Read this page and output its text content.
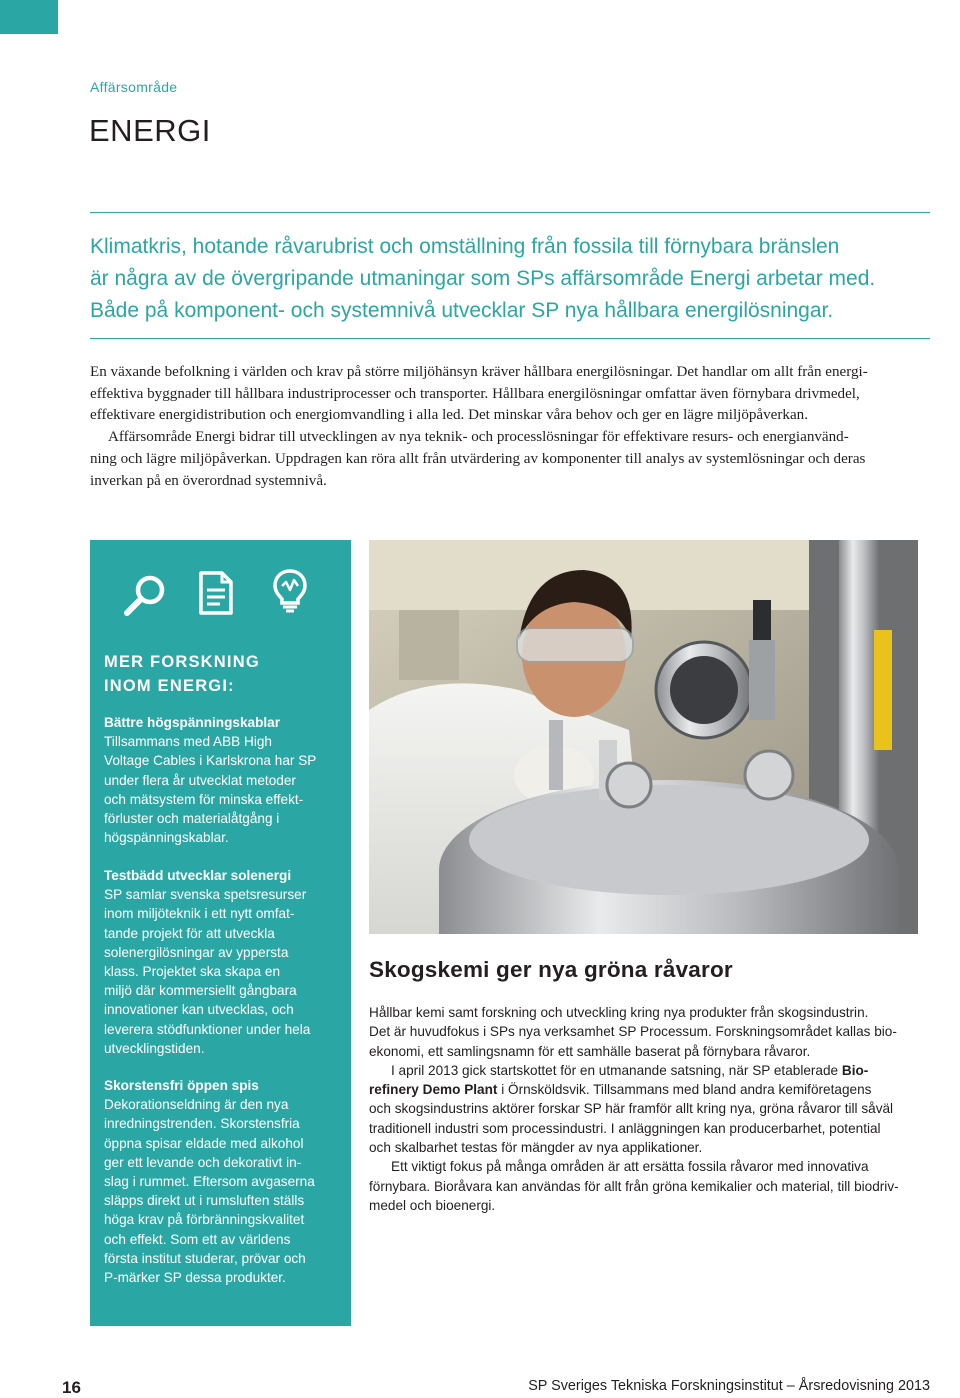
Affärsområde
ENERGI

Klimatkris, hotande råvarubrist och omställning från fossila till förnybara bränslen

är några av de övergripande utmaningar som SPs affärsområde Energi arbetar med.

Både på komponent- och systemnivå utvecklar SP nya hållbara energilösningar.

En växande befolkning i världen och krav på större miljöhänsyn kräver hållbara energilösningar. Det handlar om allt från energi-

effektiva byggnader till hållbara industriprocesser och transporter. Hållbara energilösningar omfattar även förnybara drivmedel,

effektivare energidistribution och energiomvandling i alla led. Det minskar våra behov och ger en lägre miljöpåverkan.

Affärsområde Energi bidrar till utvecklingen av nya teknik- och processlösningar för effektivare resurs- och energianvänd-

ning och lägre miljöpåverkan. Uppdragen kan röra allt från utvärdering av komponenter till analys av systemlösningar och deras

inverkan på en överordnad systemnivå.

MER FORSKNING
INOM ENERGI:
Bättre högspänningskablar
Tillsammans med ABB High
Voltage Cables i Karlskrona har SP
under flera år utvecklat metoder
och mätsystem för minska effekt-
förluster och materialåtgång i
högspänningskablar.
Testbädd utvecklar solenergi
SP samlar svenska spetsresurser
inom miljöteknik i ett nytt omfat-
tande projekt för att utveckla
solenergilösningar av yppersta
klass. Projektet ska skapa en
miljö där kommersiellt gångbara
innovationer kan utvecklas, och
leverera stödfunktioner under hela
utvecklingstiden.
Skorstensfri öppen spis
Dekorationseldning är den nya
inredningstrenden. Skorstensfria
öppna spisar eldade med alkohol
ger ett levande och dekorativt in-
slag i rummet. Eftersom avgaserna
släpps direkt ut i rumsluften ställs
höga krav på förbränningskvalitet
och effekt. Som ett av världens
första institut studerar, prövar och
P-märker SP dessa produkter.
Skogskemi ger nya gröna råvaror

Hållbar kemi samt forskning och utveckling kring nya produkter från skogsindustrin.

Det är huvudfokus i SPs nya verksamhet SP Processum. Forskningsområdet kallas bio-

ekonomi, ett samlingsnamn för ett samhälle baserat på förnybara råvaror.

I april 2013 gick startskottet för en utmanande satsning, när SP etablerade Bio-

refinery Demo Plant i Örnsköldsvik. Tillsammans med bland andra kemiföretagens

och skogsindustrins aktörer forskar SP här framför allt kring nya, gröna råvaror till såväl

traditionell industri som processindustri. I anläggningen kan producerbarhet, potential

och skalbarhet testas för mängder av nya applikationer.

Ett viktigt fokus på många områden är att ersätta fossila råvaror med innovativa

förnybara. Bioråvara kan användas för allt från gröna kemikalier och material, till biodriv-

medel och bioenergi.

16	SP Sveriges Tekniska Forskningsinstitut – Årsredovisning 2013
